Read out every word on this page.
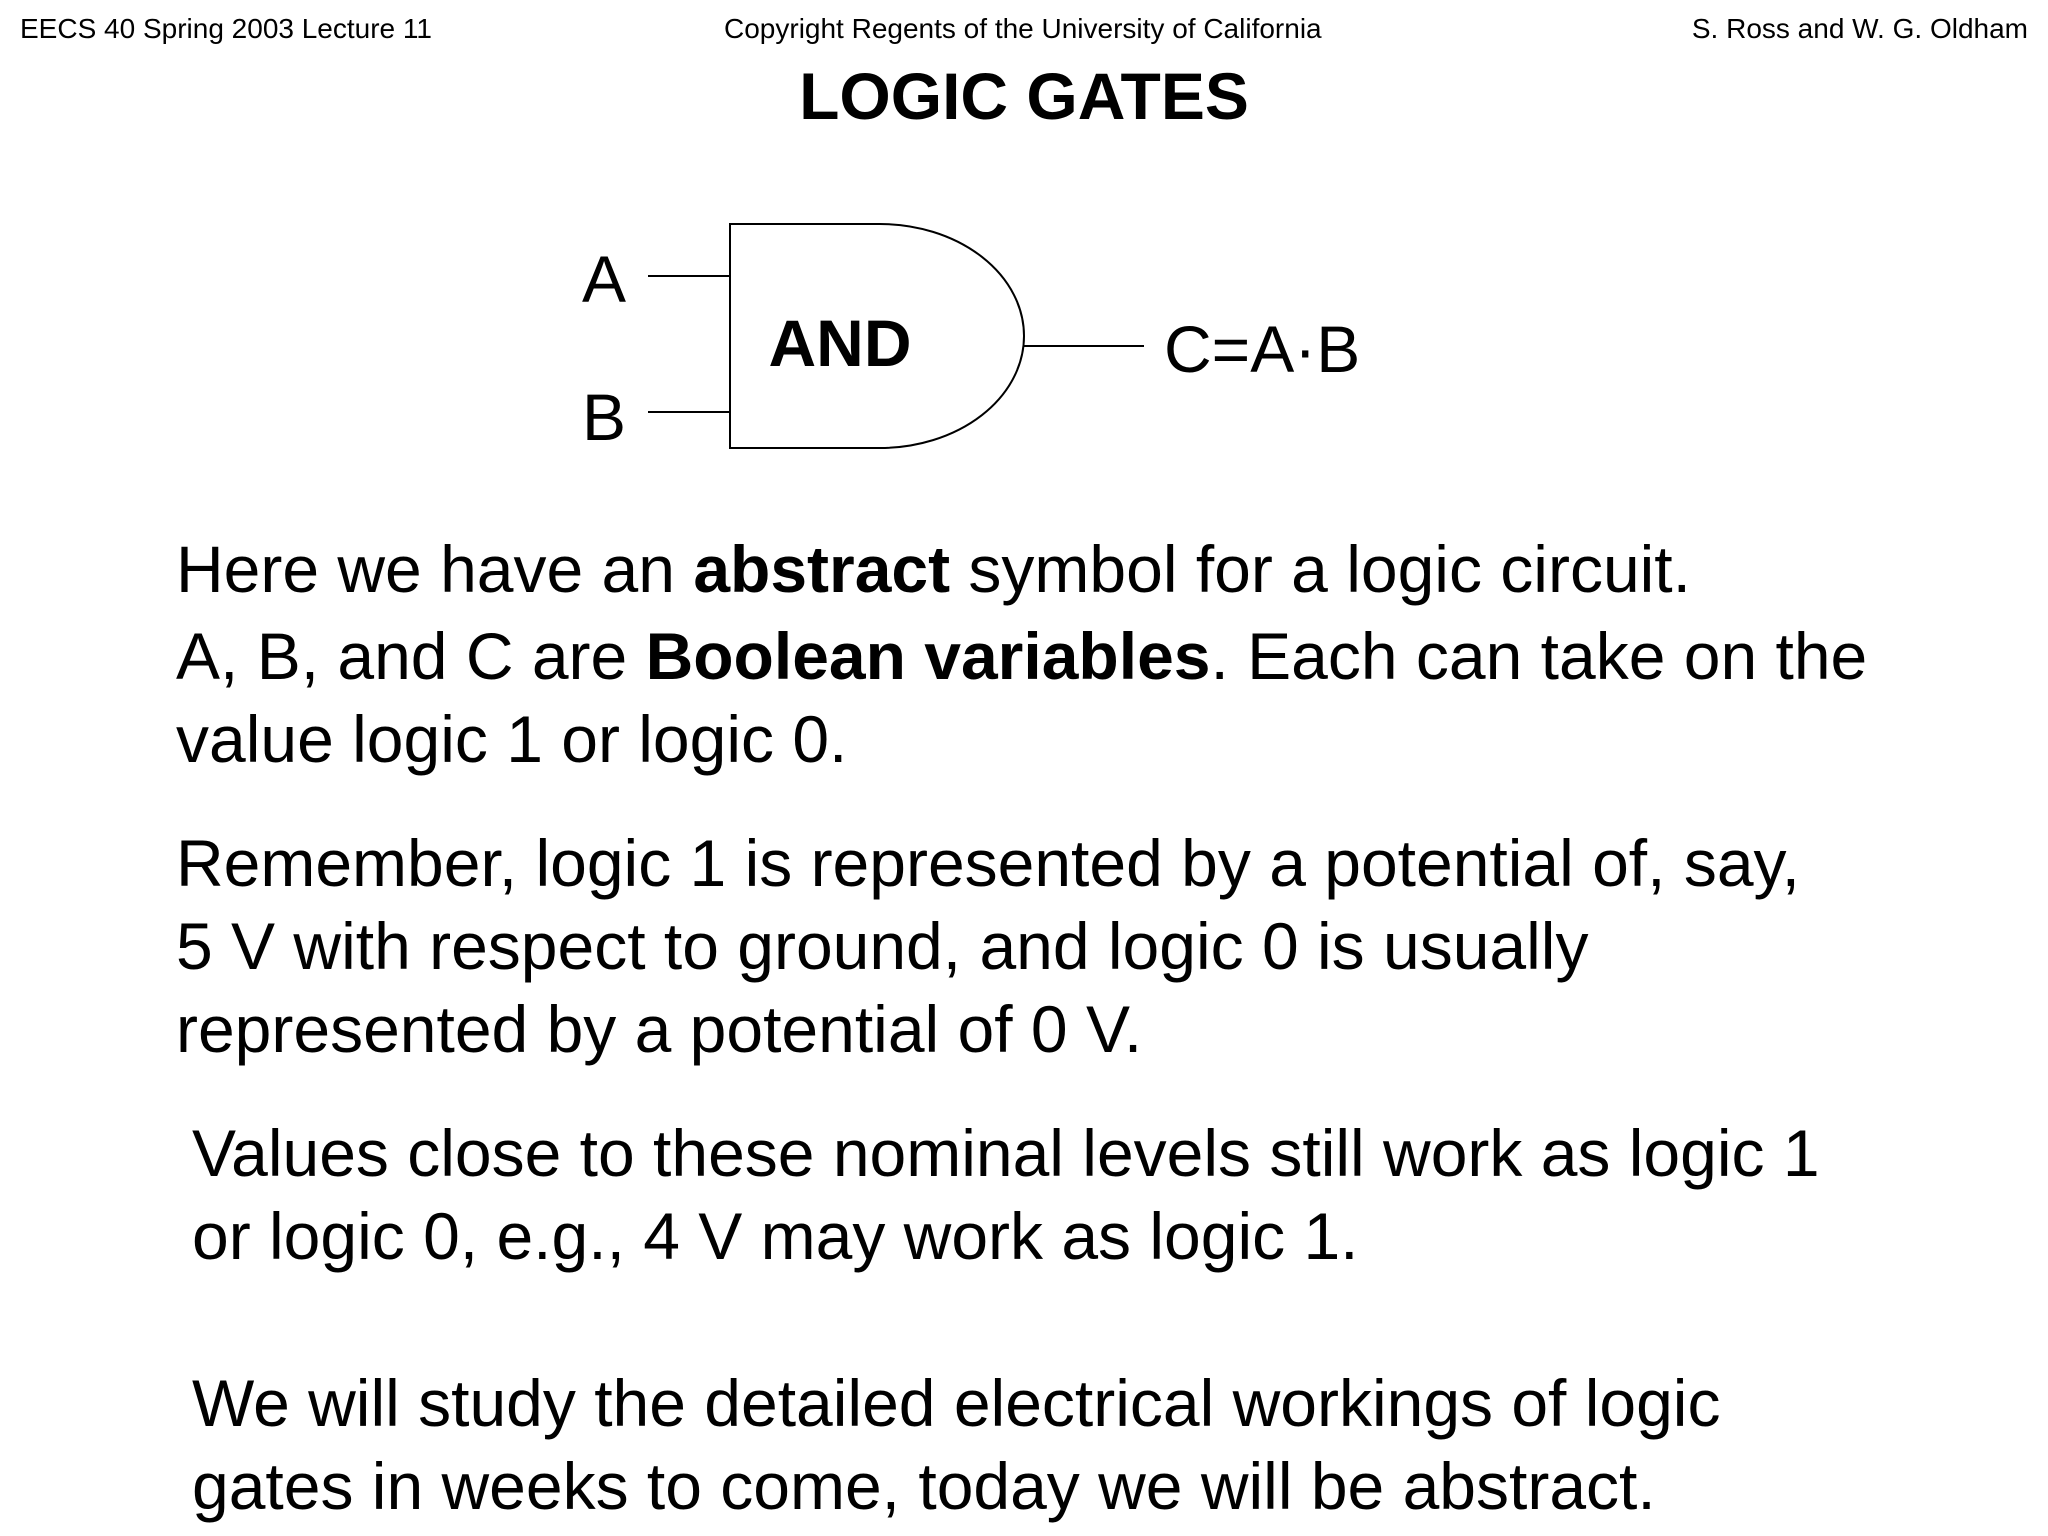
EECS 40 Spring 2003 Lecture 11	Copyright Regents of the University of California	S. Ross and W. G. Oldham
LOGIC GATES
A
B
AND	C=A·B

Here we have an abstract symbol for a logic circuit.

A, B, and C are Boolean variables. Each can take on the
value logic 1 or logic 0.

Remember, logic 1 is represented by a potential of, say,
5 V with respect to ground, and logic 0 is usually
represented by a potential of 0 V.

Values close to these nominal levels still work as logic 1
or logic 0, e.g., 4 V may work as logic 1.

We will study the detailed electrical workings of logic
gates in weeks to come, today we will be abstract.
